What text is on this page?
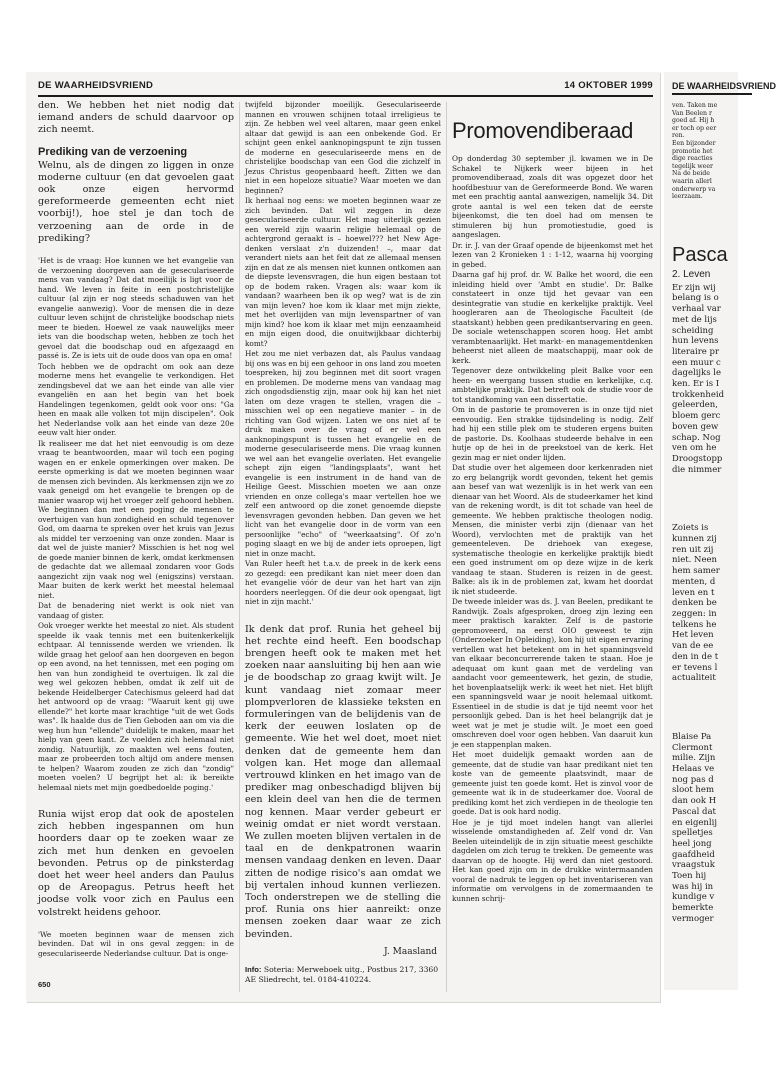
DE WAARHEIDSVRIEND	14 OKTOBER 1999

den. We hebben het niet nodig dat iemand anders de schuld daarvoor op zich neemt.

Prediking van de verzoening

Welnu, als de dingen zo liggen in onze moderne cultuur (en dat gevoelen gaat ook onze eigen hervormd gereformeerde gemeenten echt niet voorbij!), hoe stel je dan toch de verzoening aan de orde in de prediking?

'Het is de vraag: Hoe kunnen we het evangelie van de verzoening doorgeven aan de geseculariseerde mens van vandaag? Dat dat moeilijk is ligt voor de hand. We leven in feite in een postchristelijke cultuur (al zijn er nog steeds schaduwen van het evangelie aanwezig). Voor de mensen die in deze cultuur leven schijnt de christelijke boodschap niets meer te bieden. Hoewel ze vaak nauwelijks meer iets van die boodschap weten, hebben ze toch het gevoel dat die boodschap oud en afgezaagd en passé is. Ze is iets uit de oude doos van opa en oma!

Toch hebben we de opdracht om ook aan deze moderne mens het evangelie te verkondigen. Het zendingsbevel dat we aan het einde van alle vier evangeliën en aan het begin van het boek Handelingen tegenkomen, geldt ook voor ons: "Ga heen en maak alle volken tot mijn discipelen". Ook het Nederlandse volk aan het einde van deze 20e eeuw valt hier onder.

Ik realiseer me dat het niet eenvoudig is om deze vraag te beantwoorden, maar wil toch een poging wagen en er enkele opmerkingen over maken. De eerste opmerking is dat we moeten beginnen waar de mensen zich bevinden. Als kerkmensen zijn we zo vaak geneigd om het evangelie te brengen op de manier waarop wij het vroeger zelf gehoord hebben. We beginnen dan met een poging de mensen te overtuigen van hun zondigheid en schuld tegenover God, om daarna te spreken over het kruis van Jezus als middel ter verzoening van onze zonden. Maar is dat wel de juiste manier? Misschien is het nog wel de goede manier binnen de kerk, omdat kerkmensen de gedachte dat we allemaal zondaren voor Gods aangezicht zijn vaak nog wel (enigszins) verstaan. Maar buiten de kerk werkt het meestal helemaal niet.

Dat de benadering niet werkt is ook niet van vandaag of gister.

Ook vroeger werkte het meestal zo niet. Als student speelde ik vaak tennis met een buitenkerkelijk echtpaar. Al tennissende werden we vrienden. Ik wilde graag het geloof aan hen doorgeven en begon op een avond, na het tennissen, met een poging om hen van hun zondigheid te overtuigen. Ik zal die weg wel gekozen hebben, omdat ik zelf uit de bekende Heidelberger Catechismus geleerd had dat het antwoord op de vraag: "Waaruit kent gij uwe ellende?" het korte maar krachtige "uit de wet Gods was". Ik haalde dus de Tien Geboden aan om via die weg hun hun "ellende" duidelijk te maken, maar het hielp van geen kant. Ze voelden zich helemaal niet zondig. Natuurlijk, zo maakten wel eens fouten, maar ze probeerden toch altijd om andere mensen te helpen? Waarom zouden ze zich dan "zondig" moeten voelen? U begrijpt het al: ik bereikte helemaal niets met mijn goedbedoelde poging.'

Runia wijst erop dat ook de apostelen zich hebben ingespannen om hun hoorders daar op te zoeken waar ze zich met hun denken en gevoelen bevonden. Petrus op de pinksterdag doet het weer heel anders dan Paulus op de Areopagus. Petrus heeft het joodse volk voor zich en Paulus een volstrekt heidens gehoor.

'We moeten beginnen waar de mensen zich bevinden. Dat wil in ons geval zeggen: in de geseculariseerde Nederlandse cultuur. Dat is onge-

twijfeld bijzonder moeilijk. Geseculariseerde mannen en vrouwen schijnen totaal irreligieus te zijn. Ze hebben wel veel altaren, maar geen enkel altaar dat gewijd is aan een onbekende God. Er schijnt geen enkel aanknopingspunt te zijn tussen de moderne en geseculariseerde mens en de christelijke boodschap van een God die zichzelf in Jezus Christus geopenbaard heeft. Zitten we dan niet in een hopeloze situatie? Waar moeten we dan beginnen?

Ik herhaal nog eens: we moeten beginnen waar ze zich bevinden. Dat wil zeggen in deze geseculariseerde cultuur. Het mag uiterlijk gezien een wereld zijn waarin religie helemaal op de achtergrond geraakt is – hoewel??? het New Age-denken verslaat z'n duizenden! –, maar dat verandert niets aan het feit dat ze allemaal mensen zijn en dat ze als mensen niet kunnen ontkomen aan de diepste levensvragen, die hun eigen bestaan tot op de bodem raken. Vragen als: waar kom ik vandaan? waarheen ben ik op weg? wat is de zin van mijn leven? hoe kom ik klaar met mijn ziekte, met het overlijden van mijn levenspartner of van mijn kind? hoe kom ik klaar met mijn eenzaamheid en mijn eigen dood, die onuitwijkbaar dichterbij komt?

Het zou me niet verbazen dat, als Paulus vandaag bij ons was en bij een gehoor in ons land zou moeten toespreken, hij zou beginnen met dit soort vragen en problemen. De moderne mens van vandaag mag zich ongodsdienstig zijn, maar ook hij kan het niet laten om deze vragen te stellen, vragen die – misschien wel op een negatieve manier – in de richting van God wijzen. Laten we ons niet af te druk maken over de vraag of er wel een aanknopingspunt is tussen het evangelie en de moderne geseculariseerde mens. Die vraag kunnen we wel aan het evangelie overlaten. Het evangelie schept zijn eigen "landingsplaats", want het evangelie is een instrument in de hand van de Heilige Geest. Misschien moeten we aan onze vrienden en onze collega's maar vertellen hoe we zelf een antwoord op die zonet genoemde diepste levensvragen gevonden hebben. Dan geven we het licht van het evangelie door in de vorm van een persoonlijke "echo" of "weerkaatsing". Of zo'n poging slaagt en we bij de ander iets oproepen, ligt niet in onze macht.

Van Ruler heeft het t.a.v. de preek in de kerk eens zo gezegd: een predikant kan niet meer doen dan het evangelie vóór de deur van het hart van zijn hoorders neerleggen. Of die deur ook opengaat, ligt niet in zijn macht.'

Ik denk dat prof. Runia het geheel bij het rechte eind heeft. Een boodschap brengen heeft ook te maken met het zoeken naar aansluiting bij hen aan wie je de boodschap zo graag kwijt wilt. Je kunt vandaag niet zomaar meer plompverloren de klassieke teksten en formuleringen van de belijdenis van de kerk der eeuwen loslaten op de gemeente. Wie het wel doet, moet niet denken dat de gemeente hem dan volgen kan. Het moge dan allemaal vertrouwd klinken en het imago van de prediker mag onbeschadigd blijven bij een klein deel van hen die de termen nog kennen. Maar verder gebeurt er weinig omdat er niet wordt verstaan. We zullen moeten blijven vertalen in de taal en de denkpatronen waarin mensen vandaag denken en leven. Daar zitten de nodige risico's aan omdat we bij vertalen inhoud kunnen verliezen. Toch onderstrepen we de stelling die prof. Runia ons hier aanreikt: onze mensen zoeken daar waar ze zich bevinden.

J. Maasland
Info: Soteria: Merweboek uitg., Postbus 217, 3360 AE Sliedrecht, tel. 0184-410224.
Promovendiberaad

Op donderdag 30 september jl. kwamen we in De Schakel te Nijkerk weer bijeen in het promovendiberaad, zoals dit was opgezet door het hoofdbestuur van de Gereformeerde Bond. We waren met een prachtig aantal aanwezigen, namelijk 34. Dit grote aantal is wel een teken dat de eerste bijeenkomst, die ten doel had om mensen te stimuleren bij hun promotiestudie, goed is aangeslagen.

Dr. ir. J. van der Graaf opende de bijeenkomst met het lezen van 2 Kronieken 1 : 1-12, waarna hij voorging in gebed.

Daarna gaf hij prof. dr. W. Balke het woord, die een inleiding hield over 'Ambt en studie'. Dr. Balke constateert in onze tijd het gevaar van een desintegratie van studie en kerkelijke praktijk. Veel hoogleraren aan de Theologische Faculteit (de staatskant) hebben geen predikantservaring en geen. De sociale wetenschappen scoren hoog. Het ambt verambtenaarlijkt. Het markt- en managementdenken beheerst niet alleen de maatschappij, maar ook de kerk.

Tegenover deze ontwikkeling pleit Balke voor een heen- en weergang tussen studie en kerkelijke, c.q. ambtelijke praktijk. Dat betreft ook de studie voor de tot standkoming van een dissertatie.

Om in de pastorie te promoveren is in onze tijd niet eenvoudig. Een strakke tijdsindeling is nodig. Zelf had hij een stille plek om te studeren ergens buiten de pastorie. Ds. Koolhaas studeerde behalve in een hutje op de hei in de preekstoel van de kerk. Het gezin mag er niet onder lijden.

Dat studie over het algemeen door kerkenraden niet zo erg belangrijk wordt gevonden, tekent het gemis aan besef van wat wezenlijk is in het werk van een dienaar van het Woord. Als de studeerkamer het kind van de rekening wordt, is dit tot schade van heel de gemeente. We hebben praktische theologen nodig. Mensen, die minister verbi zijn (dienaar van het Woord), vervlochten met de praktijk van het gemeenteleven. De driehoek van exegese, systematische theologie en kerkelijke praktijk biedt een goed instrument om op deze wijze in de kerk vandaag te staan. Studeren is reizen in de geest. Balke: als ik in de problemen zat, kwam het doordat ik niet studeerde.

De tweede inleider was ds. J. van Beelen, predikant te Randwijk. Zoals afgesproken, droeg zijn lezing een meer praktisch karakter. Zelf is de pastorie gepromoveerd, na eerst OIO geweest te zijn (Onderzoeker In Opleiding), kon hij uit eigen ervaring vertellen wat het betekent om in het spanningsveld van elkaar beconcurrerende taken te staan. Hoe je adequaat om kunt gaan met de verdeling van aandacht voor gemeentewerk, het gezin, de studie, het bovenplaatselijk werk: ik weet het niet. Het blijft een spanningsveld waar je nooit helemaal uitkomt. Essentieel in de studie is dat je tijd neemt voor het persoonlijk gebed. Dan is het heel belangrijk dat je weet wat je met je studie wilt. Je moet een goed omschreven doel voor ogen hebben. Van daaruit kun je een stappenplan maken.

Het moet duidelijk gemaakt worden aan de gemeente, dat de studie van haar predikant niet ten koste van de gemeente plaatsvindt, maar de gemeente juist ten goede komt. Het is zinvol voor de gemeente wat ik in de studeerkamer doe. Vooral de prediking komt het zich verdiepen in de theologie ten goede. Dat is ook hard nodig.

Hoe je je tijd moet indelen hangt van allerlei wisselende omstandigheden af. Zelf vond dr. Van Beelen uiteindelijk de in zijn situatie meest geschikte dagdelen om zich terug te trekken. De gemeente was daarvan op de hoogte. Hij werd dan niet gestoord. Het kan goed zijn om in de drukke wintermaanden vooral de nadruk te leggen op het inventariseren van informatie om vervolgens in de zomermaanden te kunnen schrij-

650
DE WAARHEIDSVRIEND
ven. Taken me
Van Beelen r
goed af. Hij h
er toch op eer
ren.
Een bijzonder
promotie het
dige reacties
tegelijk weer
Na de beide
waarin allerl
onderwerp va
leerzaam.
Pasca
2. Leven
Er zijn wij
belang is o
verhaal var
met de lijs
scheiding
hun levens
literaire pr
een muur c
dagelijks le
ken. Er is I
trokkenheid
geleerden,
bloem gerc
boven gew
schap. Nog
ven om he
Droogstopp
die nimmer
Zoiets is
kunnen zij
ren uit zij
niet. Neen
hem samer
menten, d
leven en t
denken be
zeggen: in
telkens he
Het leven
van de ee
den in de t
er tevens l
actualiteit
Blaise Pa
Clermont
milie. Zijn
Helaas ve
nog pas d
sloot hem
dan ook H
Pascal dat
en eigenlij
spelletjes
heel jong
gaafdheid
vraagstuk
Toen hij
was hij in
kundige v
bemerkte
vermoger
